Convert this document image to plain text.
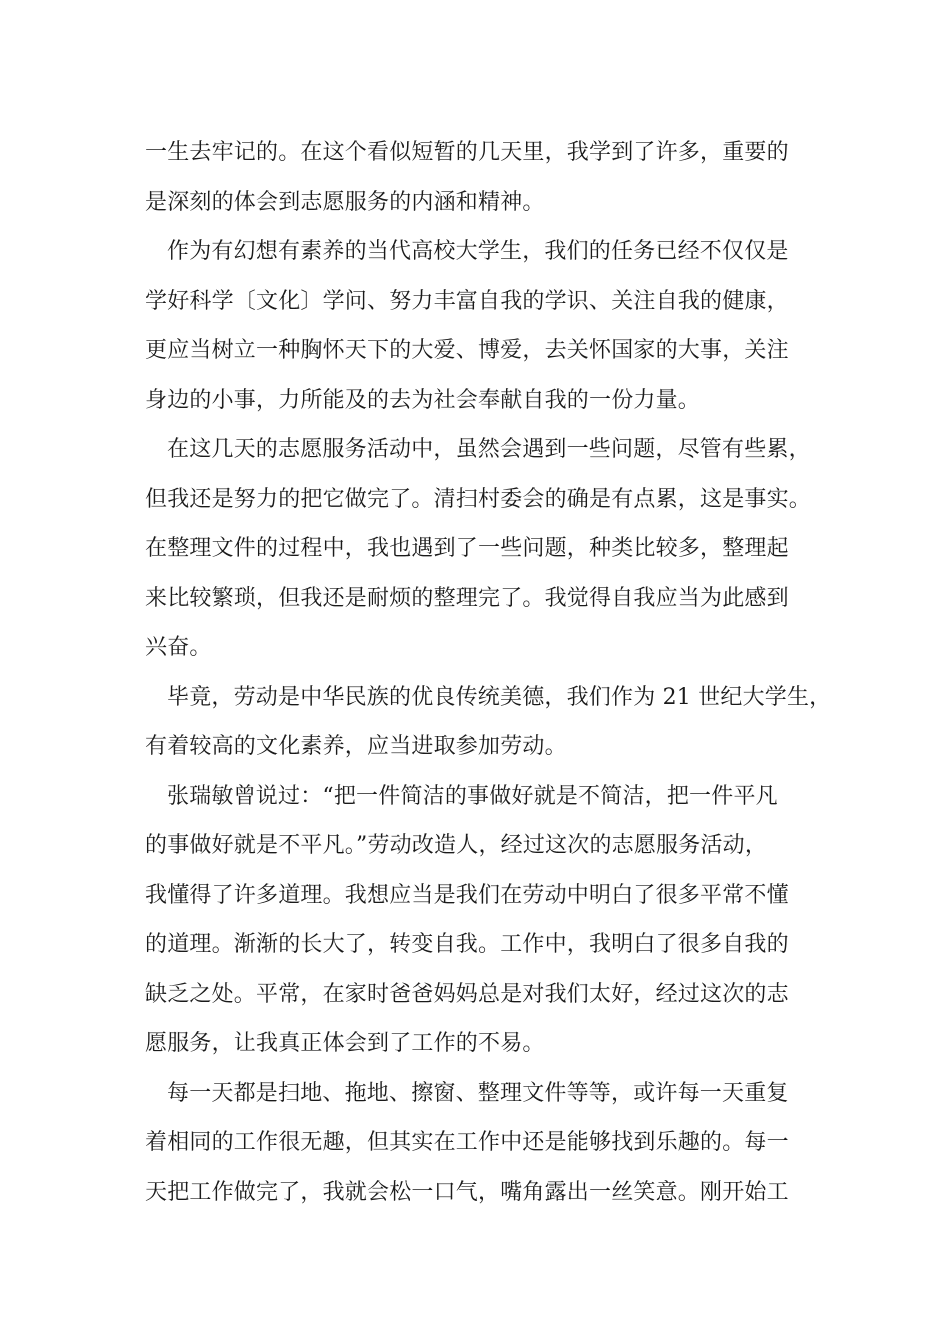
一生去牢记的。在这个看似短暂的几天里，我学到了许多，重要的
是深刻的体会到志愿服务的内涵和精神。
作为有幻想有素养的当代高校大学生，我们的任务已经不仅仅是
学好科学〔文化〕学问、努力丰富自我的学识、关注自我的健康，
更应当树立一种胸怀天下的大爱、博爱，去关怀国家的大事，关注
身边的小事，力所能及的去为社会奉献自我的一份力量。
在这几天的志愿服务活动中，虽然会遇到一些问题，尽管有些累，
但我还是努力的把它做完了。清扫村委会的确是有点累，这是事实。
在整理文件的过程中，我也遇到了一些问题，种类比较多，整理起
来比较繁琐，但我还是耐烦的整理完了。我觉得自我应当为此感到
兴奋。
毕竟，劳动是中华民族的优良传统美德，我们作为 21 世纪大学生，
有着较高的文化素养，应当进取参加劳动。
张瑞敏曾说过：“把一件简洁的事做好就是不简洁，把一件平凡
的事做好就是不平凡。”劳动改造人，经过这次的志愿服务活动，
我懂得了许多道理。我想应当是我们在劳动中明白了很多平常不懂
的道理。渐渐的长大了，转变自我。工作中，我明白了很多自我的
缺乏之处。平常，在家时爸爸妈妈总是对我们太好，经过这次的志
愿服务，让我真正体会到了工作的不易。
每一天都是扫地、拖地、擦窗、整理文件等等，或许每一天重复
着相同的工作很无趣，但其实在工作中还是能够找到乐趣的。每一
天把工作做完了，我就会松一口气，嘴角露出一丝笑意。刚开始工
